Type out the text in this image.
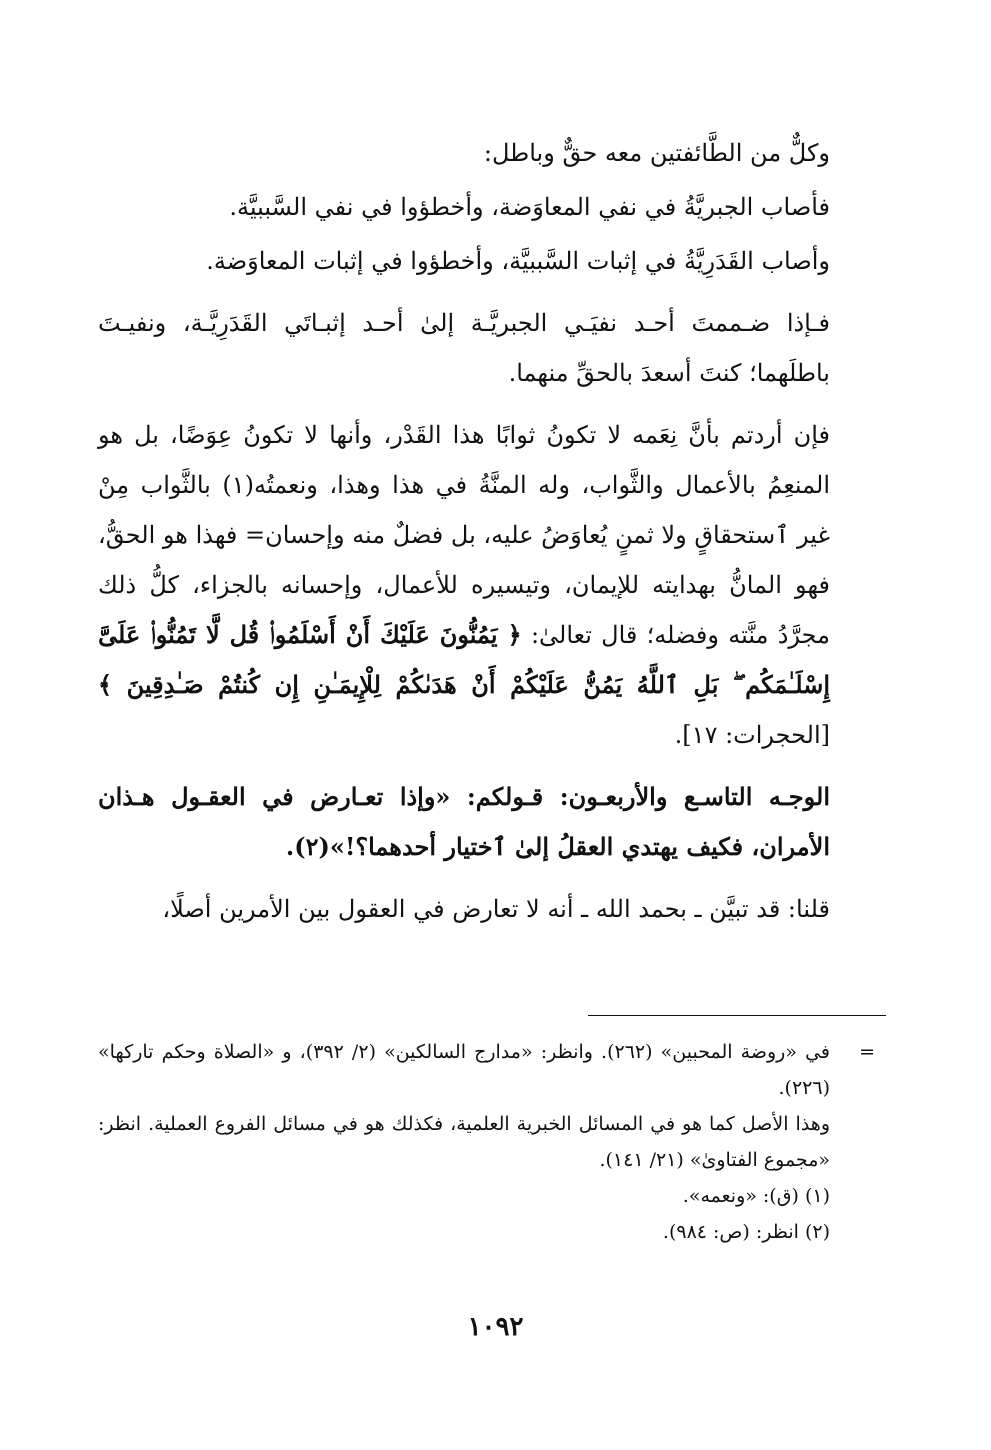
وكلٌّ من الطَّائفتين معه حقٌّ وباطل:

فأصاب الجبريَّةُ في نفي المعاوَضة، وأخطؤوا في نفي السَّببيَّة.

وأصاب القَدَرِيَّةُ في إثبات السَّببيَّة، وأخطؤوا في إثبات المعاوَضة.

فـإذا ضـممتَ أحـد نفيَـي الجبريَّـة إلىٰ أحـد إثبـاتَي القَدَرِيَّـة، ونفيـتَ باطلَهما؛ كنتَ أسعدَ بالحقِّ منهما.

فإن أردتم بأنَّ نِعَمه لا تكونُ ثوابًا هذا القَدْر، وأنها لا تكونُ عِوَضًا، بل هو المنعِمُ بالأعمال والثَّواب، وله المنَّةُ في هذا وهذا، ونعمتُه(١) بالثَّواب مِنْ غير ٱستحقاقٍ ولا ثمنٍ يُعاوَضُ عليه، بل فضلٌ منه وإحسان= فهذا هو الحقُّ، فهو المانُّ بهدايته للإيمان، وتيسيره للأعمال، وإحسانه بالجزاء، كلُّ ذلك مجرَّدُ منَّته وفضله؛ قال تعالىٰ: ﴿ يَمُنُّونَ عَلَيْكَ أَنْ أَسْلَمُوا۟ قُل لَّا تَمُنُّوا۟ عَلَىَّ إِسْلَـٰمَكُم ۖ بَلِ ٱللَّهُ يَمُنُّ عَلَيْكُمْ أَنْ هَدَىٰكُمْ لِلْإِيمَـٰنِ إِن كُنتُمْ صَـٰدِقِينَ ﴾ [الحجرات: ١٧].

الوجـه التاسـع والأربعـون: قـولكم: «وإذا تعـارض في العقـول هـذان الأمران، فكيف يهتدي العقلُ إلىٰ ٱختيار أحدهما؟!»(٢).

قلنا: قد تبيَّن ـ بحمد الله ـ أنه لا تعارض في العقول بين الأمرين أصلًا،

=
في «روضة المحبين» (٢٦٢). وانظر: «مدارج السالكين» (٢/ ٣٩٢)، و «الصلاة وحكم تاركها» (٢٢٦).

وهذا الأصل كما هو في المسائل الخبرية العلمية، فكذلك هو في مسائل الفروع العملية. انظر: «مجموع الفتاوىٰ» (٢١/ ١٤١).

(١) (ق): «ونعمه».

(٢) انظر: (ص: ٩٨٤).

١٠٩٢
